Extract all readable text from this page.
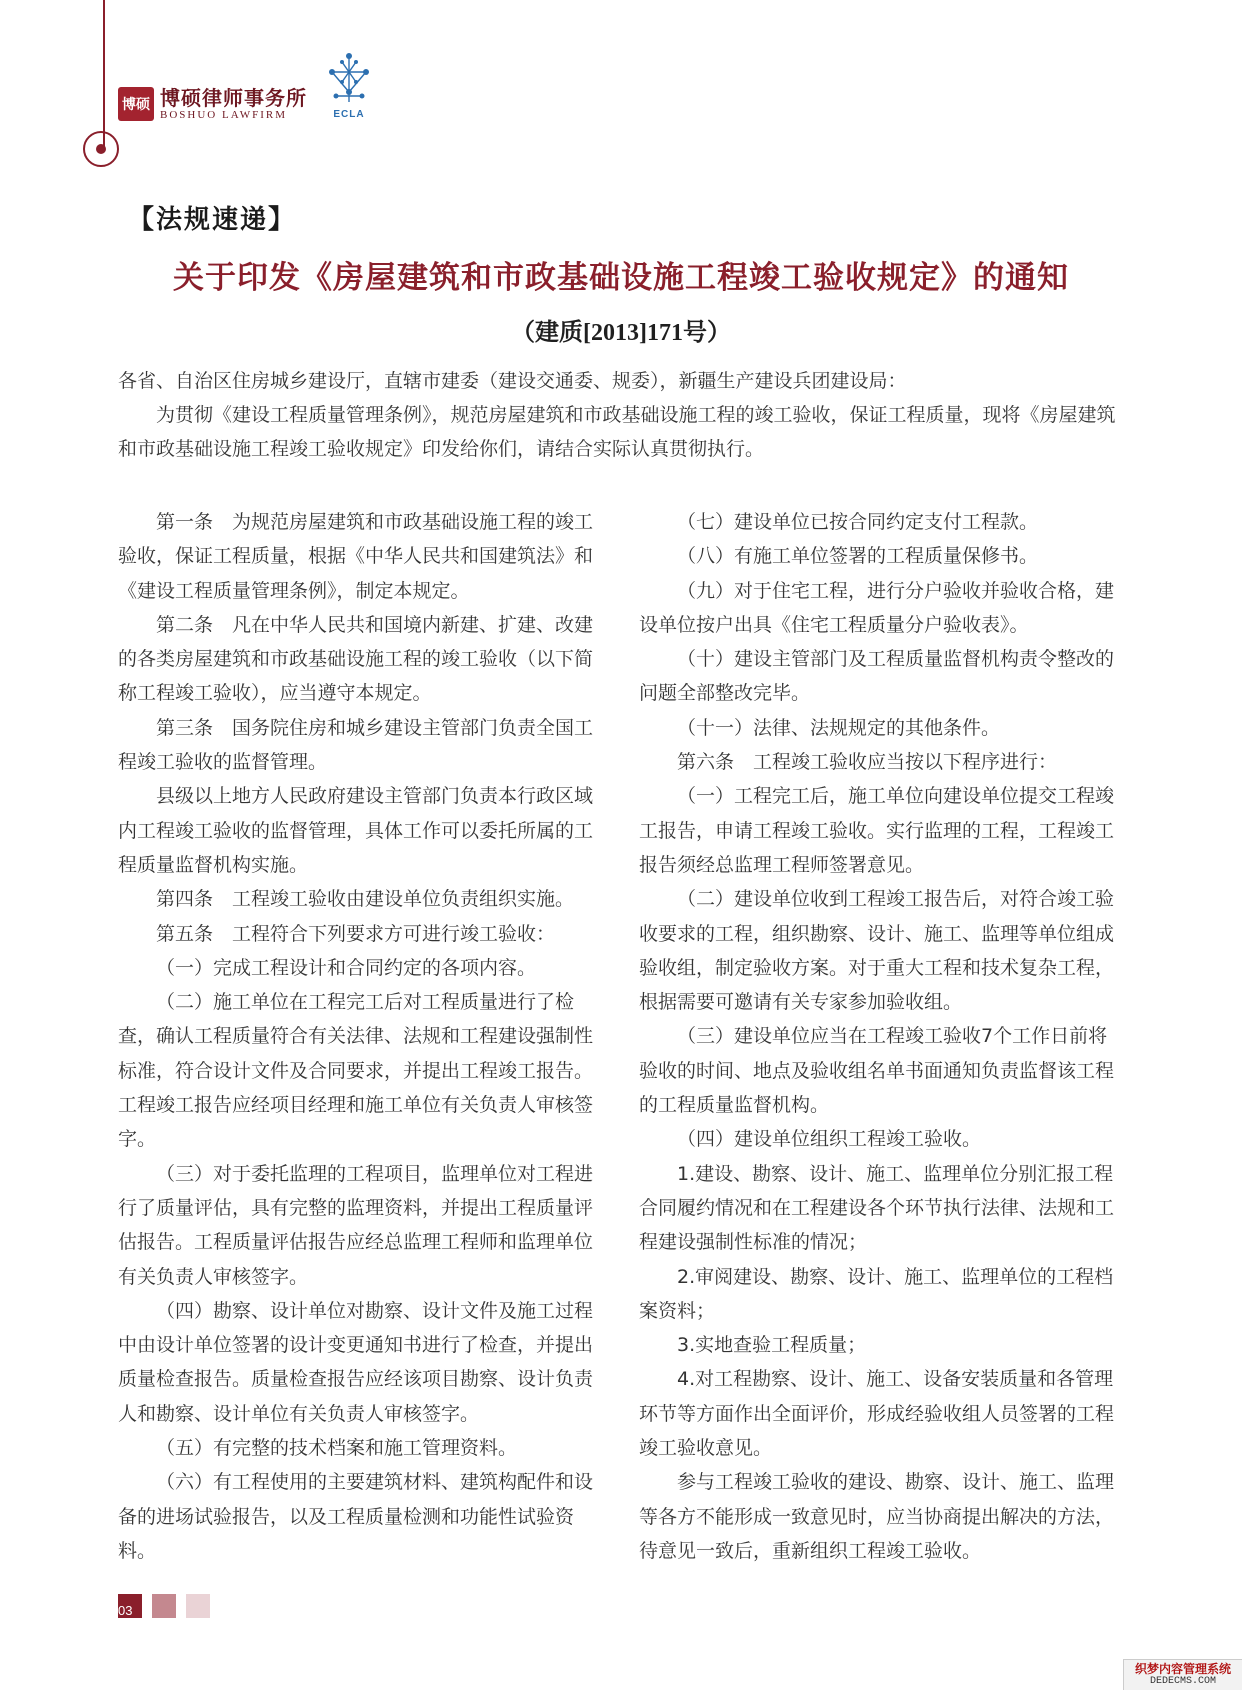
博硕 博硕律师事务所
BOSHUO LAWFIRM	ECLA
【法规速递】
关于印发《房屋建筑和市政基础设施工程竣工验收规定》的通知
（建质[2013]171号）

各省、自治区住房城乡建设厅，直辖市建委（建设交通委、规委），新疆生产建设兵团建设局：

为贯彻《建设工程质量管理条例》，规范房屋建筑和市政基础设施工程的竣工验收，保证工程质量，现将《房屋建筑和市政基础设施工程竣工验收规定》印发给你们，请结合实际认真贯彻执行。

第一条　为规范房屋建筑和市政基础设施工程的竣工验收，保证工程质量，根据《中华人民共和国建筑法》和《建设工程质量管理条例》，制定本规定。

第二条　凡在中华人民共和国境内新建、扩建、改建的各类房屋建筑和市政基础设施工程的竣工验收（以下简称工程竣工验收），应当遵守本规定。

第三条　国务院住房和城乡建设主管部门负责全国工程竣工验收的监督管理。

县级以上地方人民政府建设主管部门负责本行政区域内工程竣工验收的监督管理，具体工作可以委托所属的工程质量监督机构实施。

第四条　工程竣工验收由建设单位负责组织实施。

第五条　工程符合下列要求方可进行竣工验收：

（一）完成工程设计和合同约定的各项内容。

（二）施工单位在工程完工后对工程质量进行了检查，确认工程质量符合有关法律、法规和工程建设强制性标准，符合设计文件及合同要求，并提出工程竣工报告。工程竣工报告应经项目经理和施工单位有关负责人审核签字。

（三）对于委托监理的工程项目，监理单位对工程进行了质量评估，具有完整的监理资料，并提出工程质量评估报告。工程质量评估报告应经总监理工程师和监理单位有关负责人审核签字。

（四）勘察、设计单位对勘察、设计文件及施工过程中由设计单位签署的设计变更通知书进行了检查，并提出质量检查报告。质量检查报告应经该项目勘察、设计负责人和勘察、设计单位有关负责人审核签字。

（五）有完整的技术档案和施工管理资料。

（六）有工程使用的主要建筑材料、建筑构配件和设备的进场试验报告，以及工程质量检测和功能性试验资料。

（七）建设单位已按合同约定支付工程款。

（八）有施工单位签署的工程质量保修书。

（九）对于住宅工程，进行分户验收并验收合格，建设单位按户出具《住宅工程质量分户验收表》。

（十）建设主管部门及工程质量监督机构责令整改的问题全部整改完毕。

（十一）法律、法规规定的其他条件。

第六条　工程竣工验收应当按以下程序进行：

（一）工程完工后，施工单位向建设单位提交工程竣工报告，申请工程竣工验收。实行监理的工程，工程竣工报告须经总监理工程师签署意见。

（二）建设单位收到工程竣工报告后，对符合竣工验收要求的工程，组织勘察、设计、施工、监理等单位组成验收组，制定验收方案。对于重大工程和技术复杂工程，根据需要可邀请有关专家参加验收组。

（三）建设单位应当在工程竣工验收7个工作日前将验收的时间、地点及验收组名单书面通知负责监督该工程的工程质量监督机构。

（四）建设单位组织工程竣工验收。

1.建设、勘察、设计、施工、监理单位分别汇报工程合同履约情况和在工程建设各个环节执行法律、法规和工程建设强制性标准的情况；

2.审阅建设、勘察、设计、施工、监理单位的工程档案资料；

3.实地查验工程质量；

4.对工程勘察、设计、施工、设备安装质量和各管理环节等方面作出全面评价，形成经验收组人员签署的工程竣工验收意见。

参与工程竣工验收的建设、勘察、设计、施工、监理等各方不能形成一致意见时，应当协商提出解决的方法，待意见一致后，重新组织工程竣工验收。

03
织梦内容管理系统
DEDECMS.COM
